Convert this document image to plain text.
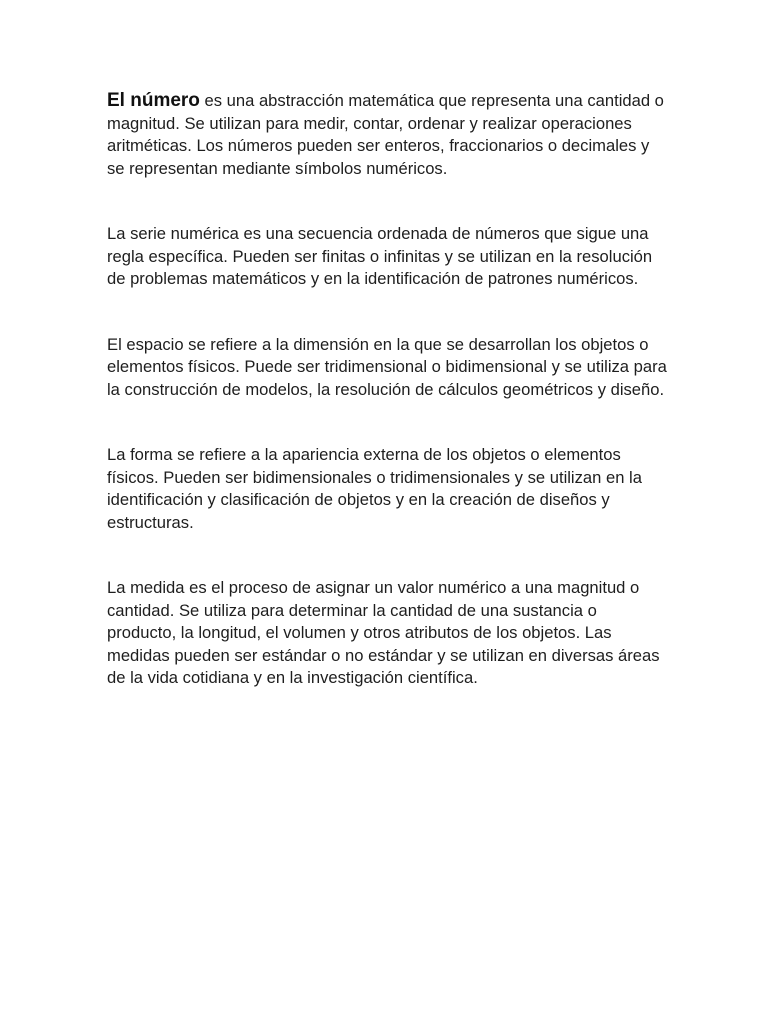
El número es una abstracción matemática que representa una cantidad o magnitud. Se utilizan para medir, contar, ordenar y realizar operaciones aritméticas. Los números pueden ser enteros, fraccionarios o decimales y se representan mediante símbolos numéricos.

La serie numérica es una secuencia ordenada de números que sigue una regla específica. Pueden ser finitas o infinitas y se utilizan en la resolución de problemas matemáticos y en la identificación de patrones numéricos.

El espacio se refiere a la dimensión en la que se desarrollan los objetos o elementos físicos. Puede ser tridimensional o bidimensional y se utiliza para la construcción de modelos, la resolución de cálculos geométricos y diseño.

La forma se refiere a la apariencia externa de los objetos o elementos físicos. Pueden ser bidimensionales o tridimensionales y se utilizan en la identificación y clasificación de objetos y en la creación de diseños y estructuras.

La medida es el proceso de asignar un valor numérico a una magnitud o cantidad. Se utiliza para determinar la cantidad de una sustancia o producto, la longitud, el volumen y otros atributos de los objetos. Las medidas pueden ser estándar o no estándar y se utilizan en diversas áreas de la vida cotidiana y en la investigación científica.
